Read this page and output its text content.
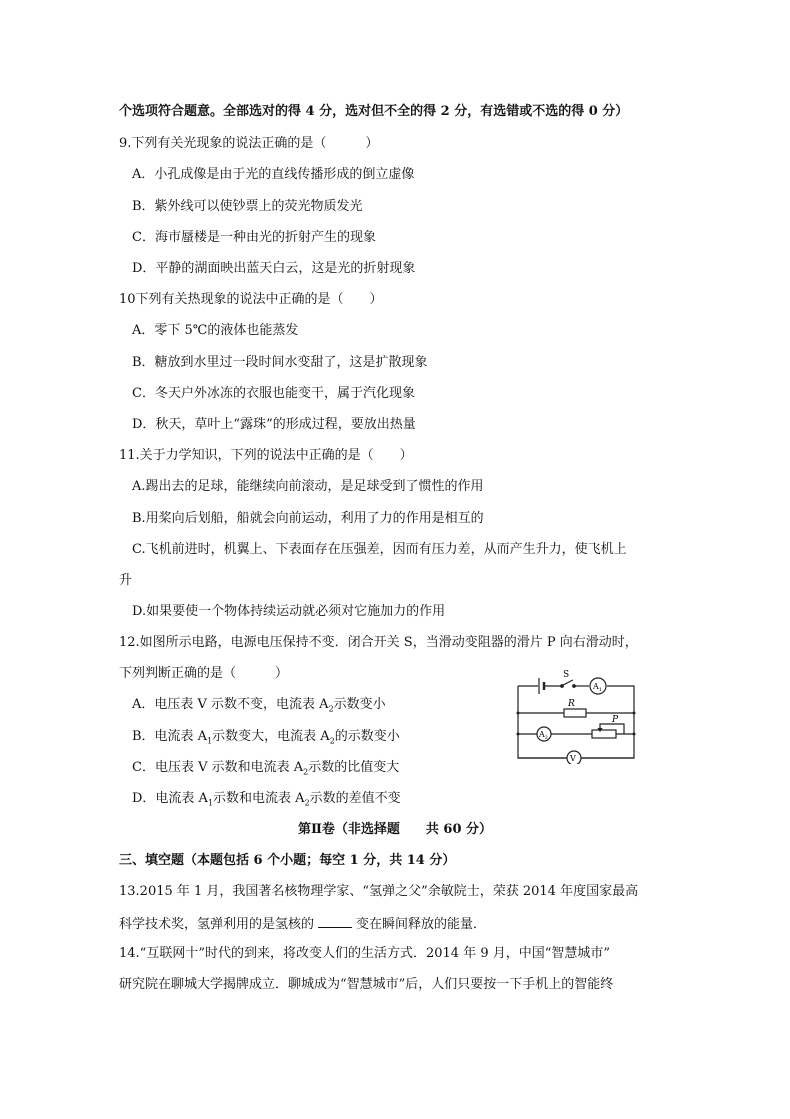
个选项符合题意。全部选对的得 4 分，选对但不全的得 2 分，有选错或不选的得 0 分）
9.下列有关光现象的说法正确的是（　　　）
A．小孔成像是由于光的直线传播形成的倒立虚像
B．紫外线可以使钞票上的荧光物质发光
C．海市蜃楼是一种由光的折射产生的现象
D．平静的湖面映出蓝天白云，这是光的折射现象
10下列有关热现象的说法中正确的是（　　）
A．零下 5℃的液体也能蒸发
B．糖放到水里过一段时间水变甜了，这是扩散现象
C．冬天户外冰冻的衣服也能变干，属于汽化现象
D．秋天，草叶上“露珠”的形成过程，要放出热量
11.关于力学知识，下列的说法中正确的是（　　）
A.踢出去的足球，能继续向前滚动，是足球受到了惯性的作用
B.用桨向后划船，船就会向前运动，利用了力的作用是相互的
C.飞机前进时，机翼上、下表面存在压强差，因而有压力差，从而产生升力，使飞机上
升
D.如果要使一个物体持续运动就必须对它施加力的作用
12.如图所示电路，电源电压保持不变．闭合开关 S，当滑动变阻器的滑片 P 向右滑动时，
下列判断正确的是（　　　）
A．电压表 V 示数不变，电流表 $A_2$示数变小
B．电流表 $A_1$示数变大，电流表 $A_2$的示数变小
C．电压表 V 示数和电流表 $A_2$示数的比值变大
D．电流表 $A_1$示数和电流表 $A_2$示数的差值不变
S
$A_1$
R
$A_2$
P
V
第Ⅱ卷（非选择题　　共 60 分）
三、填空题（本题包括 6 个小题；每空 1 分，共 14 分）
13.2015 年 1 月，我国著名核物理学家、“氢弹之父”余敏院士，荣获 2014 年度国家最高
科学技术奖，氢弹利用的是氢核的	变在瞬间释放的能量．
14.“互联网十”时代的到来，将改变人们的生活方式．2014 年 9 月，中国“智慧城市”
研究院在聊城大学揭牌成立．聊城成为“智慧城市”后，人们只要按一下手机上的智能终
